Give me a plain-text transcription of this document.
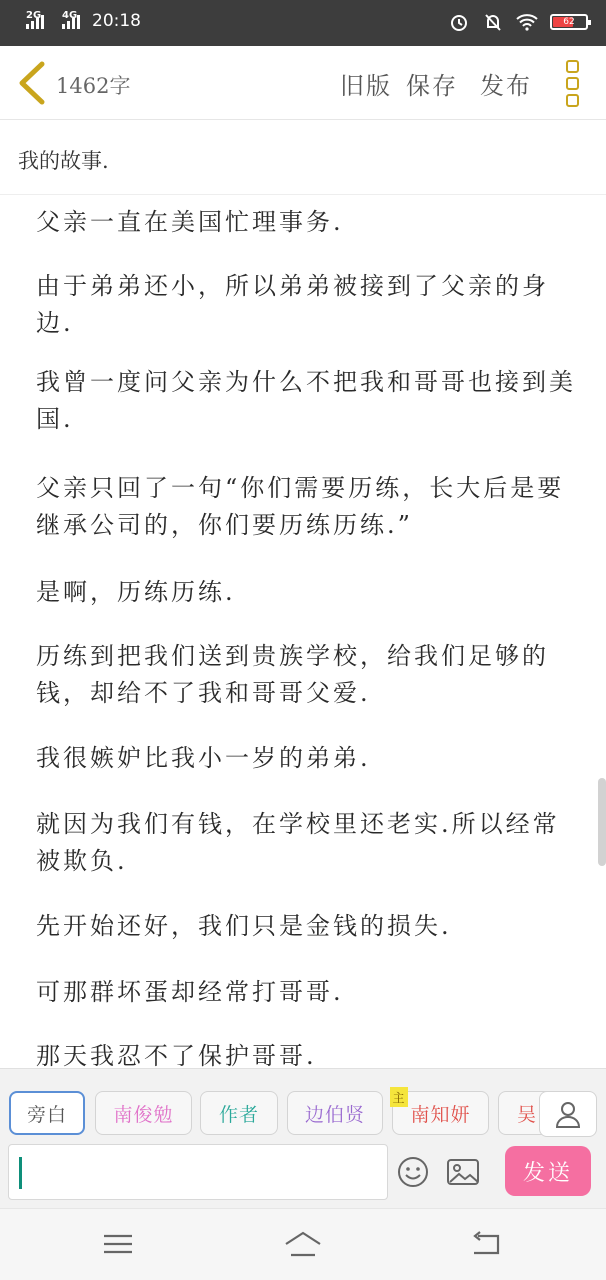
2G 4G 20:18	62
1462字	旧版 保存 发布
我的故事.

父亲一直在美国忙理事务.

由于弟弟还小，所以弟弟被接到了父亲的身边.

我曾一度问父亲为什么不把我和哥哥也接到美国.

父亲只回了一句“你们需要历练，长大后是要继承公司的，你们要历练历练.”

是啊，历练历练.

历练到把我们送到贵族学校，给我们足够的钱，却给不了我和哥哥父爱.

我很嫉妒比我小一岁的弟弟.

就因为我们有钱，在学校里还老实.所以经常被欺负.

先开始还好，我们只是金钱的损失.

可那群坏蛋却经常打哥哥.

那天我忍不了保护哥哥.

旁白 南俊勉 作者 边伯贤
主
南知妍 吴
发送
